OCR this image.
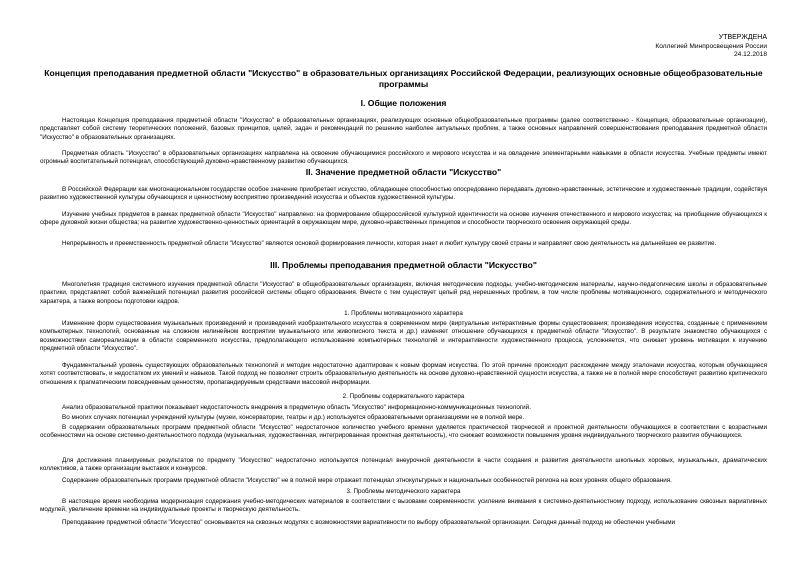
УТВЕРЖДЕНА
Коллегией Минпросвещения России
24.12.2018
Концепция преподавания предметной области "Искусство" в образовательных организациях Российской Федерации, реализующих основные общеобразовательные программы
I. Общие положения
Настоящая Концепция преподавания предметной области "Искусство" в образовательных организациях, реализующих основные общеобразовательные программы (далее соответственно - Концепция, образовательные организации), представляет собой систему теоретических положений, базовых принципов, целей, задач и рекомендаций по решению наиболее актуальных проблем, а также основных направлений совершенствования преподавания предметной области "Искусство" в образовательных организациях.
Предметная область "Искусство" в образовательных организациях направлена на освоение обучающимися российского и мирового искусства и на овладение элементарными навыками в области искусства. Учебные предметы имеют огромный воспитательный потенциал, способствующий духовно-нравственному развитию обучающихся.
II. Значение предметной области "Искусство"
В Российской Федерации как многонациональном государстве особое значение приобретает искусство, обладающее способностью опосредованно передавать духовно-нравственные, эстетические и художественные традиции, содействуя развитию художественной культуры обучающихся и ценностному восприятию произведений искусства и объектов художественной культуры.
Изучение учебных предметов в рамках предметной области "Искусство" направлено: на формирование общероссийской культурной идентичности на основе изучения отечественного и мирового искусства; на приобщение обучающихся к сфере духовной жизни общества; на развитие художественно-ценностных ориентаций в окружающем мире, духовно-нравственных принципов и способности творческого освоения окружающей среды.
Непрерывность и преемственность предметной области "Искусство" являются основой формирования личности, которая знает и любит культуру своей страны и направляет свою деятельность на дальнейшее ее развитие.
III. Проблемы преподавания предметной области "Искусство"
Многолетняя традиция системного изучения предметной области "Искусство" в общеобразовательных организациях, включая методические подходы, учебно-методические материалы, научно-педагогические школы и образовательные практики, представляет собой важнейший потенциал развития российской системы общего образования. Вместе с тем существует целый ряд нерешенных проблем, в том числе проблемы мотивационного, содержательного и методического характера, а также вопросы подготовки кадров.
1. Проблемы мотивационного характера
Изменение форм существования музыкальных произведений и произведений изобразительного искусства в современном мире (виртуальные интерактивные формы существования; произведения искусства, созданные с применением компьютерных технологий, основанные на сложном нелинейном восприятии музыкального или живописного текста и др.) изменяет отношение обучающихся к предметной области "Искусство". В результате знакомство обучающихся с возможностями самореализации в области современного искусства, предполагающего использование компьютерных технологий и интерактивности художественного процесса, усложняется, что снижает уровень мотивации к изучению предметной области "Искусство".
Фундаментальный уровень существующих образовательных технологий и методик недостаточно адаптирован к новым формам искусства. По этой причине происходит расхождение между эталонами искусства, которым обучающиеся хотят соответствовать, и недостатком их умений и навыков. Такой подход не позволяет строить образовательную деятельность на основе духовно-нравственной сущности искусства, а также не в полной мере способствует развитию критического отношения к прагматическим повседневным ценностям, пропагандируемым средствами массовой информации.
2. Проблемы содержательного характера
Анализ образовательной практики показывает недостаточность внедрения в предметную область "Искусство" информационно-коммуникационных технологий.
Во многих случаях потенциал учреждений культуры (музеи, консерватории, театры и др.) используется образовательными организациями не в полной мере.
В содержании образовательных программ предметной области "Искусство" недостаточное количество учебного времени уделяется практической творческой и проектной деятельности обучающихся в соответствии с возрастными особенностями на основе системно-деятельностного подхода (музыкальная, художественная, интегрированная проектная деятельность), что снижает возможности повышения уровня индивидуального творческого развития обучающихся.
Для достижения планируемых результатов по предмету "Искусство" недостаточно используется потенциал внеурочной деятельности в части создания и развития деятельности школьных хоровых, музыкальных, драматических коллективов, а также организации выставок и конкурсов.
Содержание образовательных программ предметной области "Искусство" не в полной мере отражает потенциал этнокультурных и национальных особенностей региона на всех уровнях общего образования.
3. Проблемы методического характера
В настоящее время необходима модернизация содержания учебно-методических материалов в соответствии с вызовами современности: усиление внимания к системно-деятельностному подходу, использование сквозных вариативных модулей, увеличение времени на индивидуальные проекты и творческую деятельность.
Преподавание предметной области "Искусство" основывается на сквозных модулях с возможностями вариативности по выбору образовательной организации. Сегодня данный подход не обеспечен учебными
